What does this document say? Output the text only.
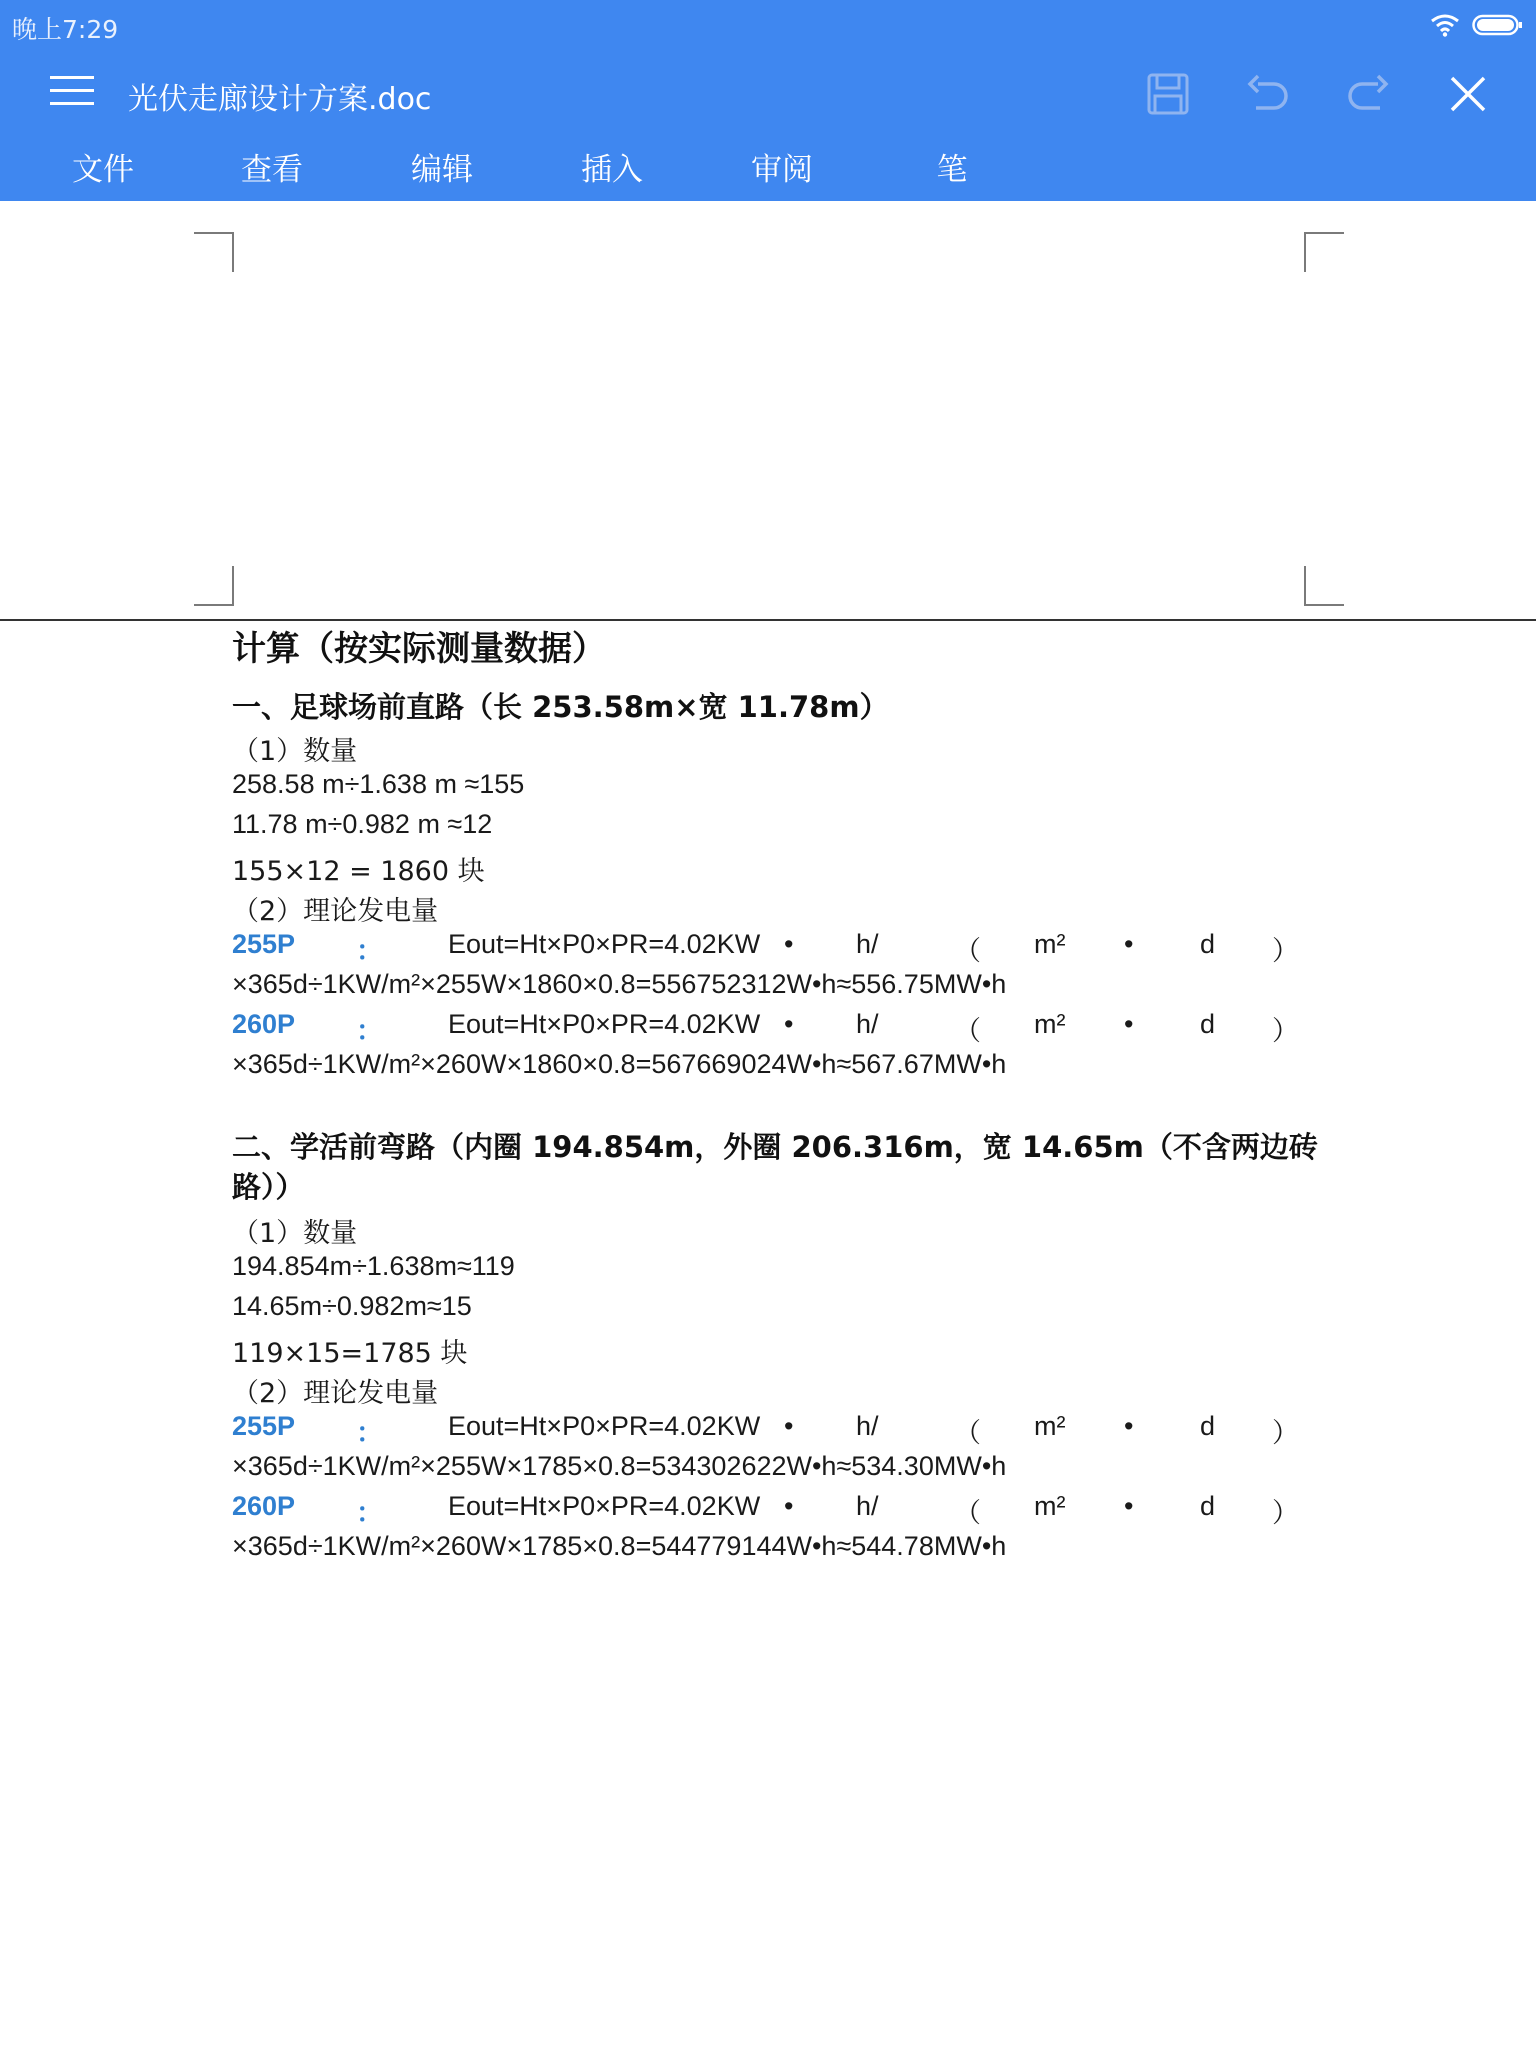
晚上7:29
光伏走廊设计方案.doc
文件	查看	编辑	插入	审阅	笔
计算（按实际测量数据）
一、足球场前直路（长 253.58m×宽 11.78m）
（1）数量
258.58 m÷1.638 m ≈155
11.78 m÷0.982 m ≈12
155×12 = 1860 块
（2）理论发电量
255P ： Eout=Ht×P0×PR=4.02KW • h/	（ m² • d ）
×365d÷1KW/m²×255W×1860×0.8=556752312W•h≈556.75MW•h
260P ： Eout=Ht×P0×PR=4.02KW • h/	（ m² • d ）
×365d÷1KW/m²×260W×1860×0.8=567669024W•h≈567.67MW•h
二、学活前弯路（内圈 194.854m，外圈 206.316m，宽 14.65m（不含两边砖
路））
（1）数量
194.854m÷1.638m≈119
14.65m÷0.982m≈15
119×15=1785 块
（2）理论发电量
255P ： Eout=Ht×P0×PR=4.02KW • h/	（ m² • d ）
×365d÷1KW/m²×255W×1785×0.8=534302622W•h≈534.30MW•h
260P ： Eout=Ht×P0×PR=4.02KW • h/	（ m² • d ）
×365d÷1KW/m²×260W×1785×0.8=544779144W•h≈544.78MW•h
